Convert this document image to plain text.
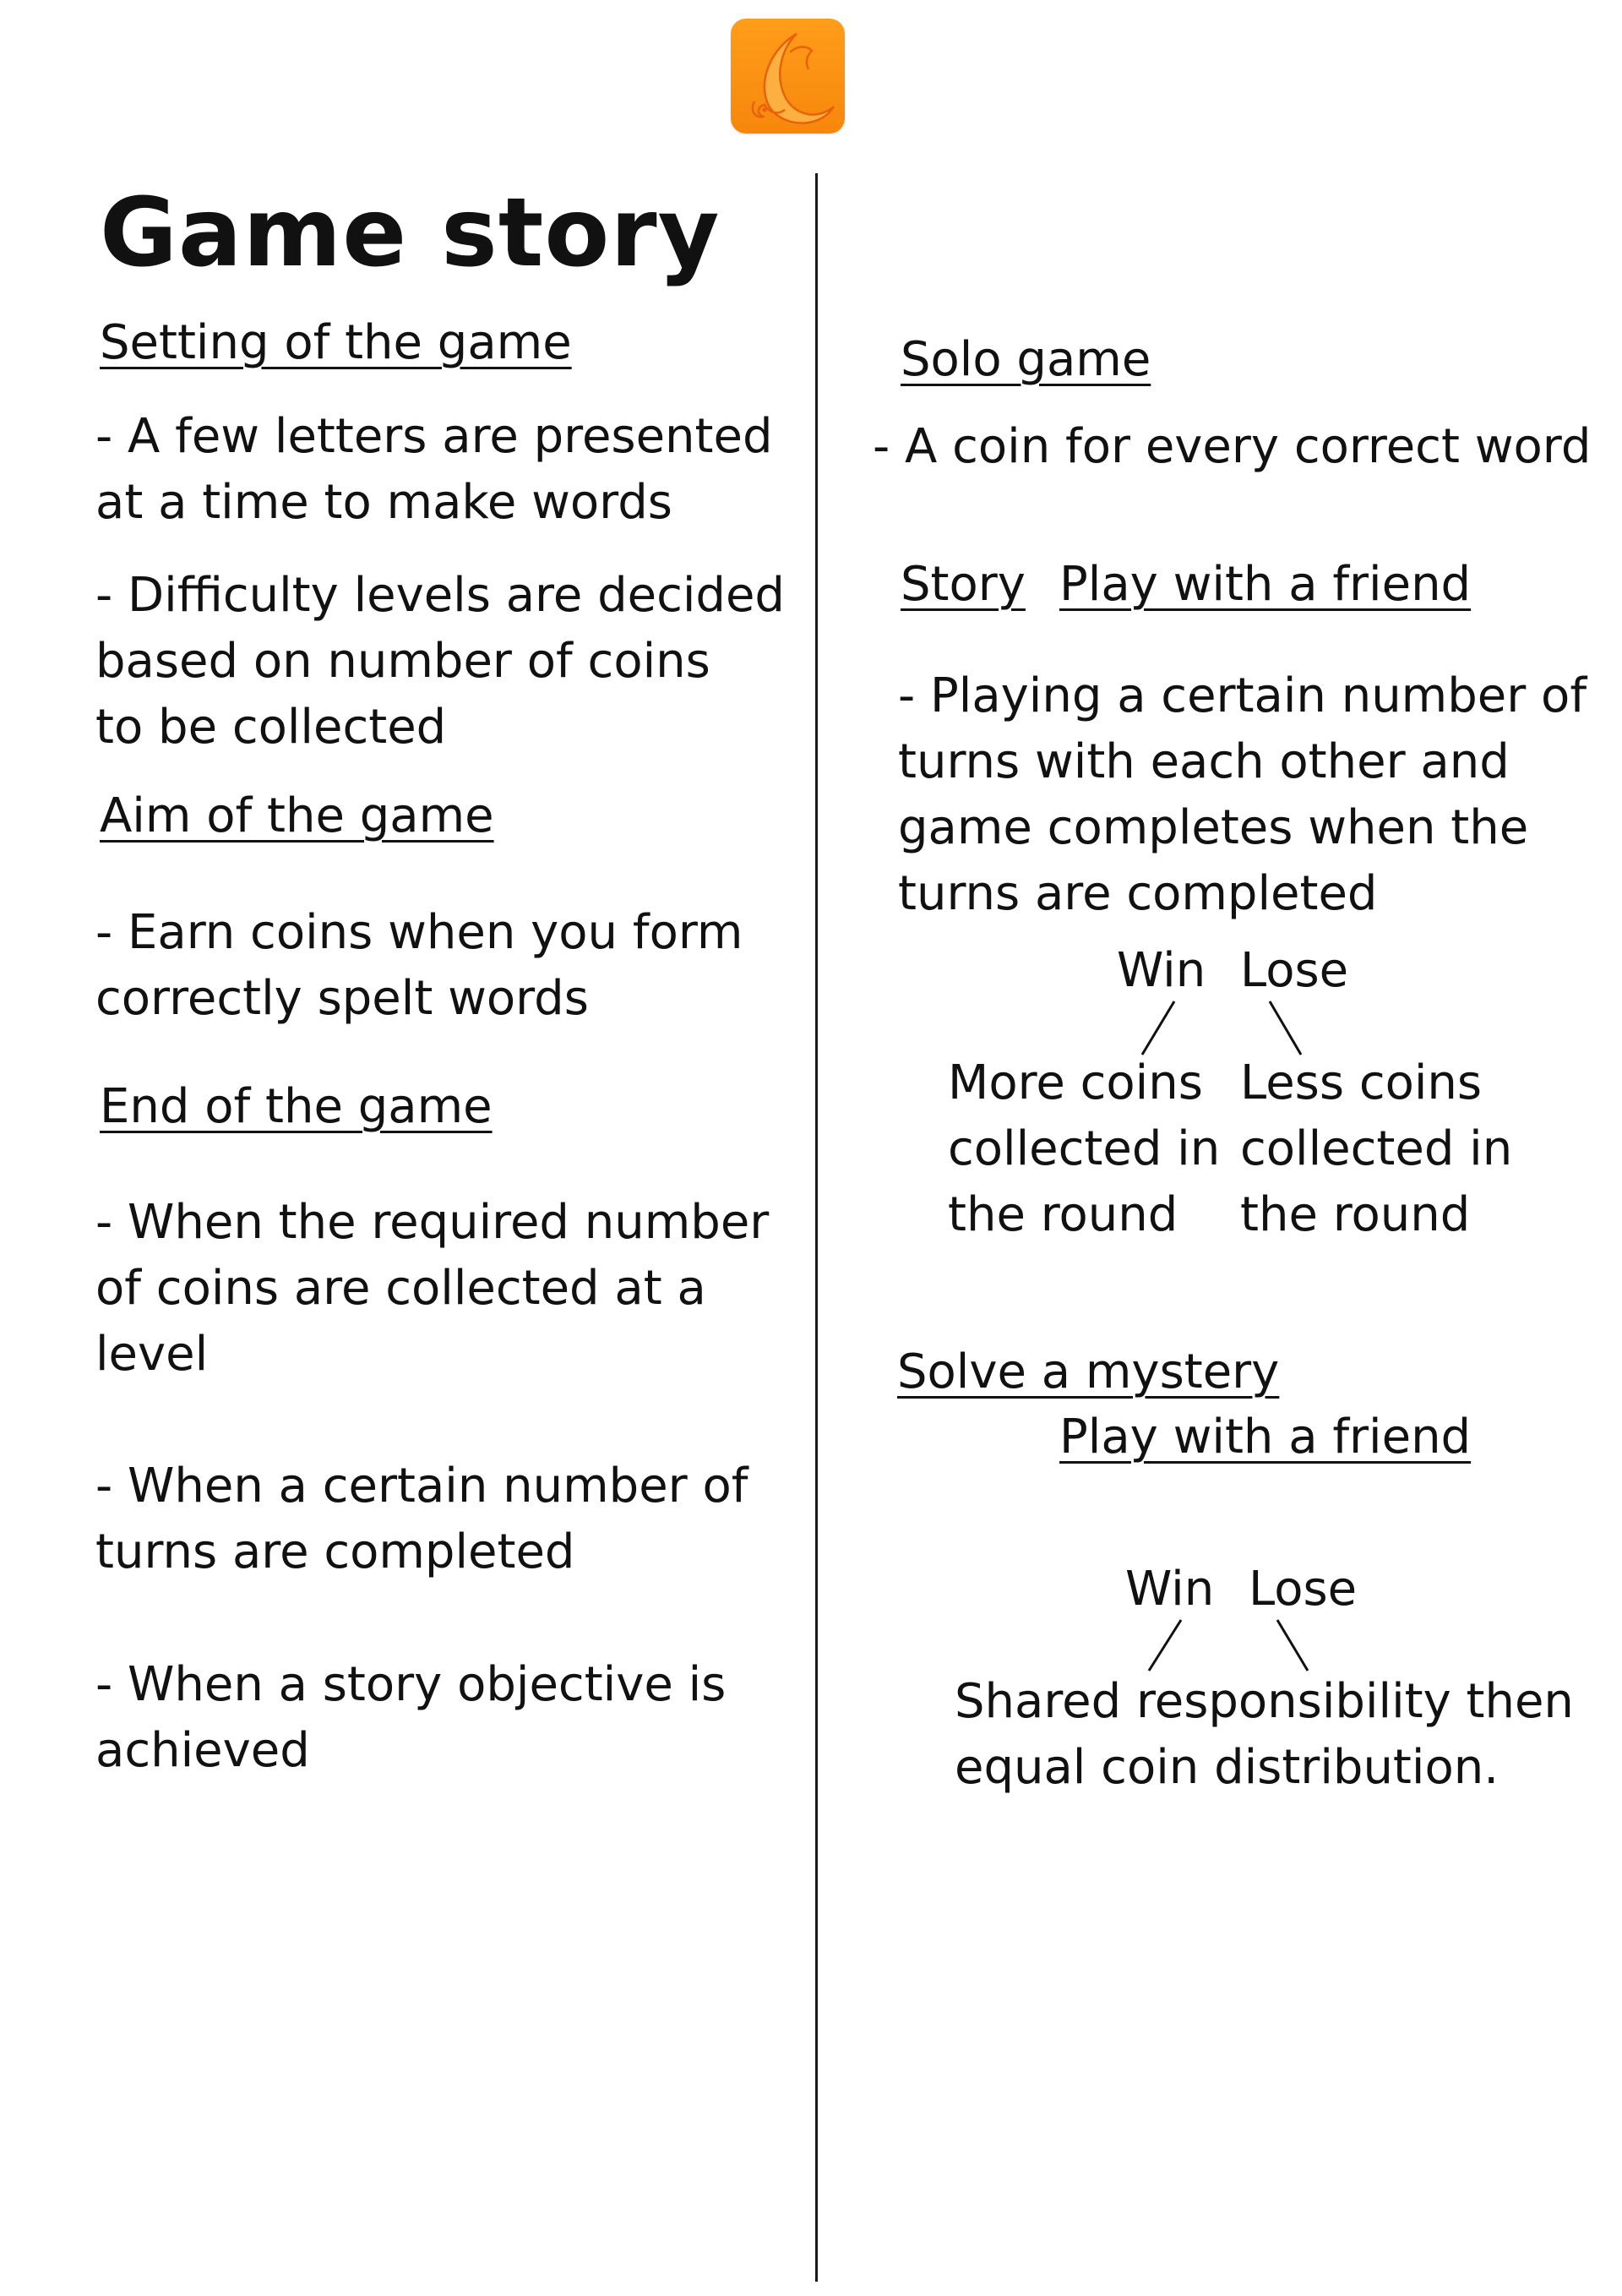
Game story
Setting of the game
- A few letters are presented
at a time to make words
- Difficulty levels are decided
based on number of coins
to be collected
Aim of the game
- Earn coins when you form
correctly spelt words
End of the game
- When the required number
of coins are collected at a
level
- When a certain number of
turns are completed
- When a story objective is
achieved
Solo game
- A coin for every correct word
Story Play with a friend
- Playing a certain number of
turns with each other and
game completes when the
turns are completed
Win Lose
More coins
collected in
the round
Less coins
collected in
the round
Solve a mystery
Play with a friend
Win Lose
Shared responsibility then
equal coin distribution.
